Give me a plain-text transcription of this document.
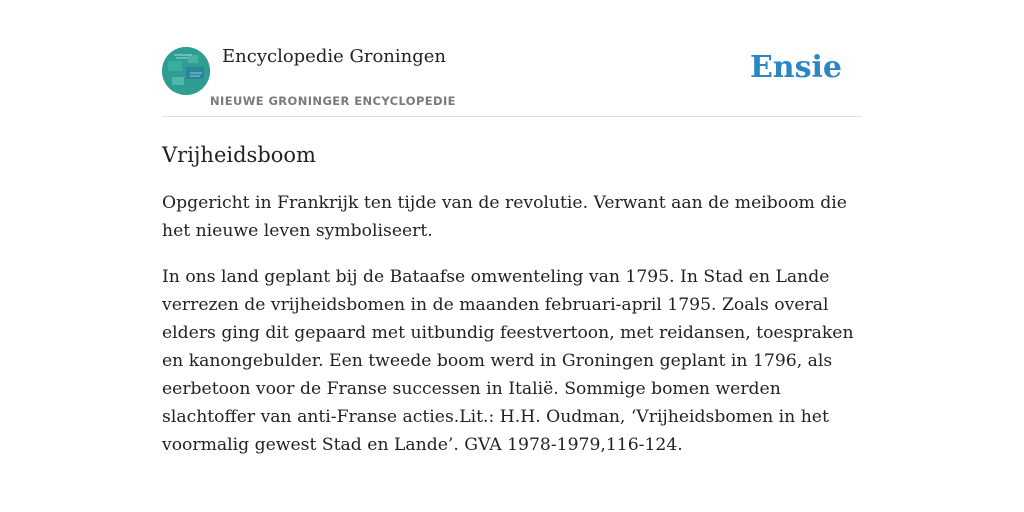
Encyclopedie Groningen
NIEUWE GRONINGER ENCYCLOPEDIE
Ensie
Vrijheidsboom

Opgericht in Frankrijk ten tijde van de revolutie. Verwant aan de meiboom die het nieuwe leven symboliseert.

In ons land geplant bij de Bataafse omwenteling van 1795. In Stad en Lande verrezen de vrijheidsbomen in de maanden februari-april 1795. Zoals overal elders ging dit gepaard met uitbundig feestvertoon, met reidansen, toespraken en kanongebulder. Een tweede boom werd in Groningen geplant in 1796, als eerbetoon voor de Franse successen in Italië. Sommige bomen werden slachtoffer van anti-Franse acties.Lit.: H.H. Oudman, ‘Vrijheidsbomen in het voormalig gewest Stad en Lande’. GVA 1978-1979,116-124.
